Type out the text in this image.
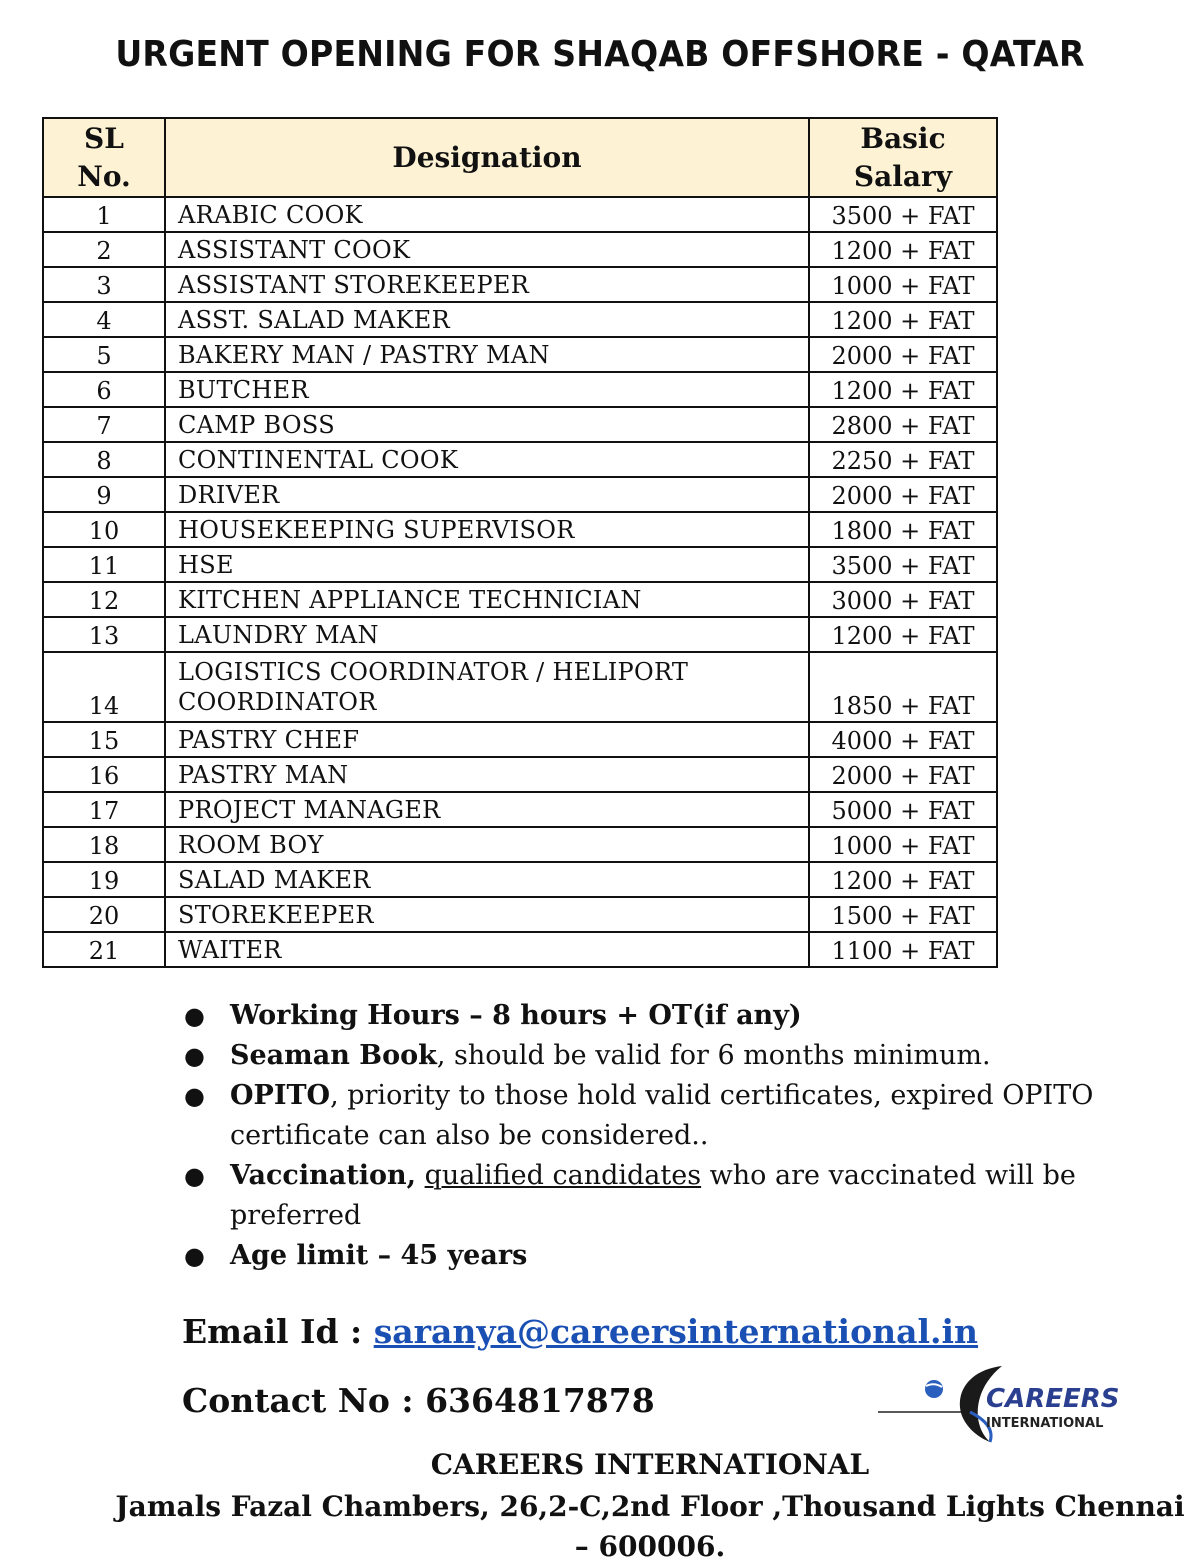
URGENT OPENING FOR SHAQAB OFFSHORE - QATAR
SL
No.	Designation	Basic
Salary
1	ARABIC COOK	3500 + FAT
2	ASSISTANT COOK	1200 + FAT
3	ASSISTANT STOREKEEPER	1000 + FAT
4	ASST. SALAD MAKER	1200 + FAT
5	BAKERY MAN / PASTRY MAN	2000 + FAT
6	BUTCHER	1200 + FAT
7	CAMP BOSS	2800 + FAT
8	CONTINENTAL COOK	2250 + FAT
9	DRIVER	2000 + FAT
10	HOUSEKEEPING SUPERVISOR	1800 + FAT
11	HSE	3500 + FAT
12	KITCHEN APPLIANCE TECHNICIAN	3000 + FAT
13	LAUNDRY MAN	1200 + FAT
14	LOGISTICS COORDINATOR / HELIPORT COORDINATOR	1850 + FAT
15	PASTRY CHEF	4000 + FAT
16	PASTRY MAN	2000 + FAT
17	PROJECT MANAGER	5000 + FAT
18	ROOM BOY	1000 + FAT
19	SALAD MAKER	1200 + FAT
20	STOREKEEPER	1500 + FAT
21	WAITER	1100 + FAT
● Working Hours – 8 hours + OT(if any)
● Seaman Book, should be valid for 6 months minimum.
● OPITO, priority to those hold valid certificates, expired OPITO certificate can also be considered..
● Vaccination, qualified candidates who are vaccinated will be preferred
● Age limit – 45 years
Email Id : saranya@careersinternational.in
Contact No : 6364817878	CAREERS
INTERNATIONAL
CAREERS INTERNATIONAL
Jamals Fazal Chambers, 26,2-C,2nd Floor ,Thousand Lights Chennai – 600006.
